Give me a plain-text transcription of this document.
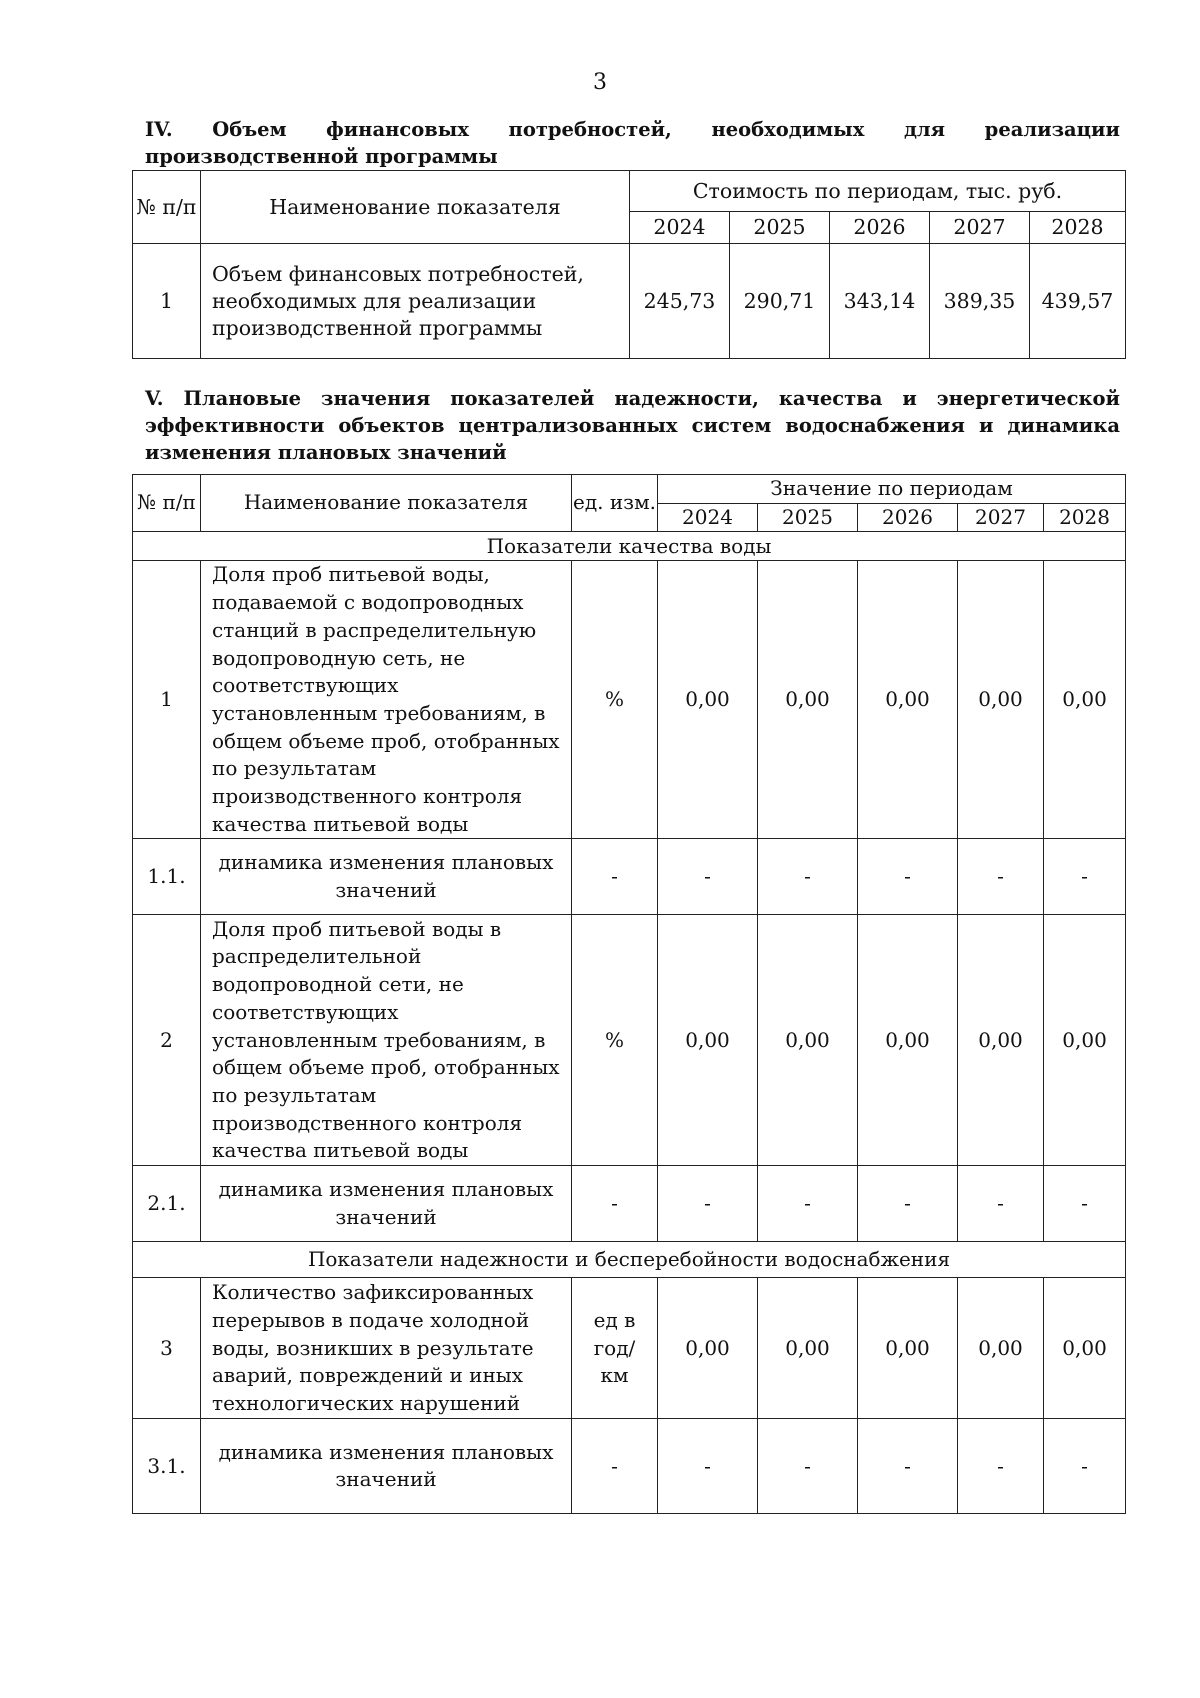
3
IV. Объем финансовых потребностей, необходимых для реализации производственной программы
№ п/п	Наименование показателя	Стоимость по периодам, тыс. руб.				
		2024	2025	2026	2027	2028
1	Объем финансовых потребностей, необходимых для реализации производственной программы	245,73	290,71	343,14	389,35	439,57
V. Плановые значения показателей надежности, качества и энергетической эффективности объектов централизованных систем водоснабжения и динамика изменения плановых значений
№ п/п	Наименование показателя	ед. изм.	Значение по периодам				
			2024	2025	2026	2027	2028
Показатели качества воды							
1	Доля проб питьевой воды, подаваемой с водопроводных станций в распределительную водопроводную сеть, не соответствующих установленным требованиям, в общем объеме проб, отобранных по результатам производственного контроля качества питьевой воды	%	0,00	0,00	0,00	0,00	0,00
1.1.	динамика изменения плановых значений	-	-	-	-	-	-
2	Доля проб питьевой воды в распределительной водопроводной сети, не соответствующих установленным требованиям, в общем объеме проб, отобранных по результатам производственного контроля качества питьевой воды	%	0,00	0,00	0,00	0,00	0,00
2.1.	динамика изменения плановых значений	-	-	-	-	-	-
Показатели надежности и бесперебойности водоснабжения							
3	Количество зафиксированных перерывов в подаче холодной воды, возникших в результате аварий, повреждений и иных технологических нарушений	ед в год/ км	0,00	0,00	0,00	0,00	0,00
3.1.	динамика изменения плановых значений	-	-	-	-	-	-
